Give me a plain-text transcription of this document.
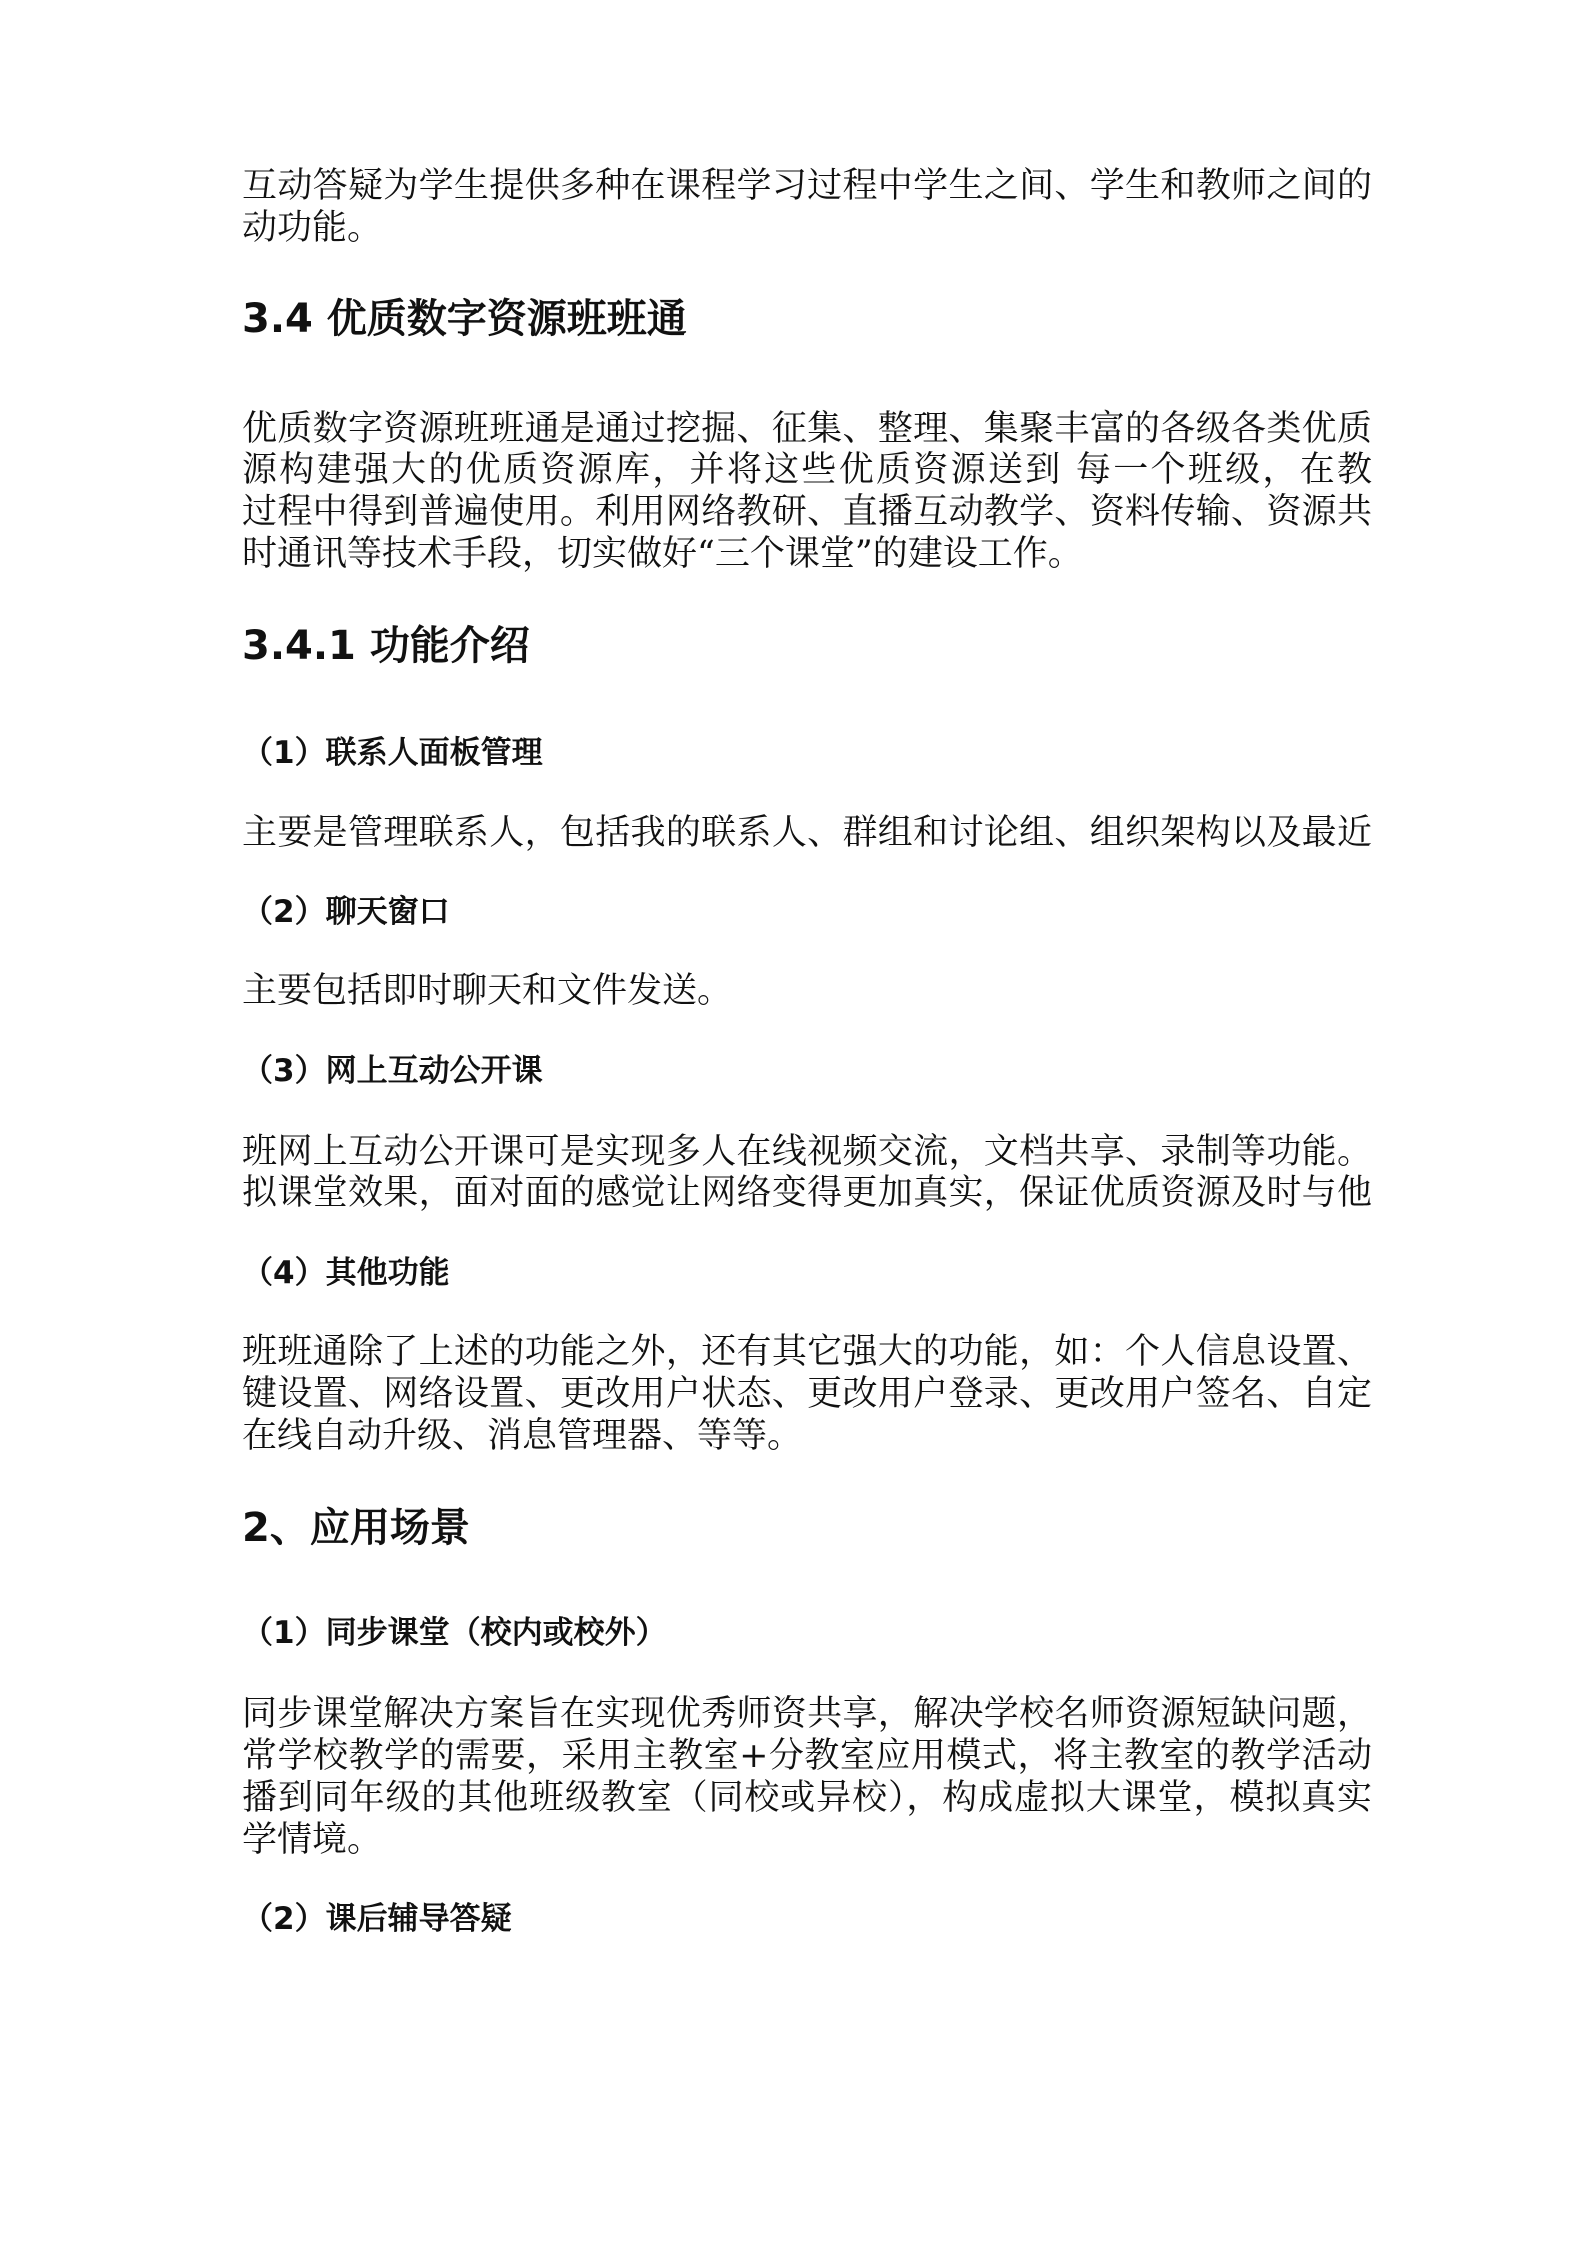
互动答疑为学生提供多种在课程学习过程中学生之间、学生和教师之间的
动功能。
3.4 优质数字资源班班通
优质数字资源班班通是通过挖掘、征集、整理、集聚丰富的各级各类优质
源构建强大的优质资源库，并将这些优质资源送到 每一个班级，在教
过程中得到普遍使用。利用网络教研、直播互动教学、资料传输、资源共
时通讯等技术手段，切实做好“三个课堂”的建设工作。
3.4.1 功能介绍
（1）联系人面板管理
主要是管理联系人，包括我的联系人、群组和讨论组、组织架构以及最近
（2）聊天窗口
主要包括即时聊天和文件发送。
（3）网上互动公开课
班网上互动公开课可是实现多人在线视频交流，文档共享、录制等功能。
拟课堂效果，面对面的感觉让网络变得更加真实，保证优质资源及时与他
（4）其他功能
班班通除了上述的功能之外，还有其它强大的功能，如：个人信息设置、
键设置、网络设置、更改用户状态、更改用户登录、更改用户签名、自定
在线自动升级、消息管理器、等等。
2、应用场景
（1）同步课堂（校内或校外）
同步课堂解决方案旨在实现优秀师资共享，解决学校名师资源短缺问题，
常学校教学的需要，采用主教室+分教室应用模式，将主教室的教学活动
播到同年级的其他班级教室（同校或异校），构成虚拟大课堂，模拟真实
学情境。
（2）课后辅导答疑
